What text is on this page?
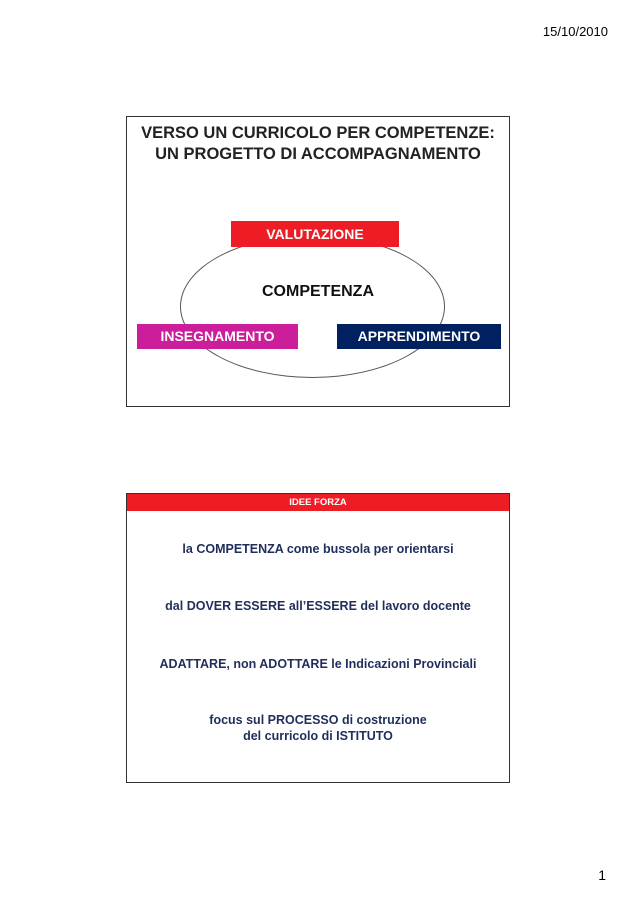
15/10/2010
VERSO UN CURRICOLO PER COMPETENZE:
UN PROGETTO DI ACCOMPAGNAMENTO
VALUTAZIONE
COMPETENZA
INSEGNAMENTO	APPRENDIMENTO
IDEE FORZA
la COMPETENZA come bussola per orientarsi
dal DOVER ESSERE all’ESSERE del lavoro docente
ADATTARE, non ADOTTARE le Indicazioni Provinciali
focus sul PROCESSO di costruzione
del curricolo di ISTITUTO
1
